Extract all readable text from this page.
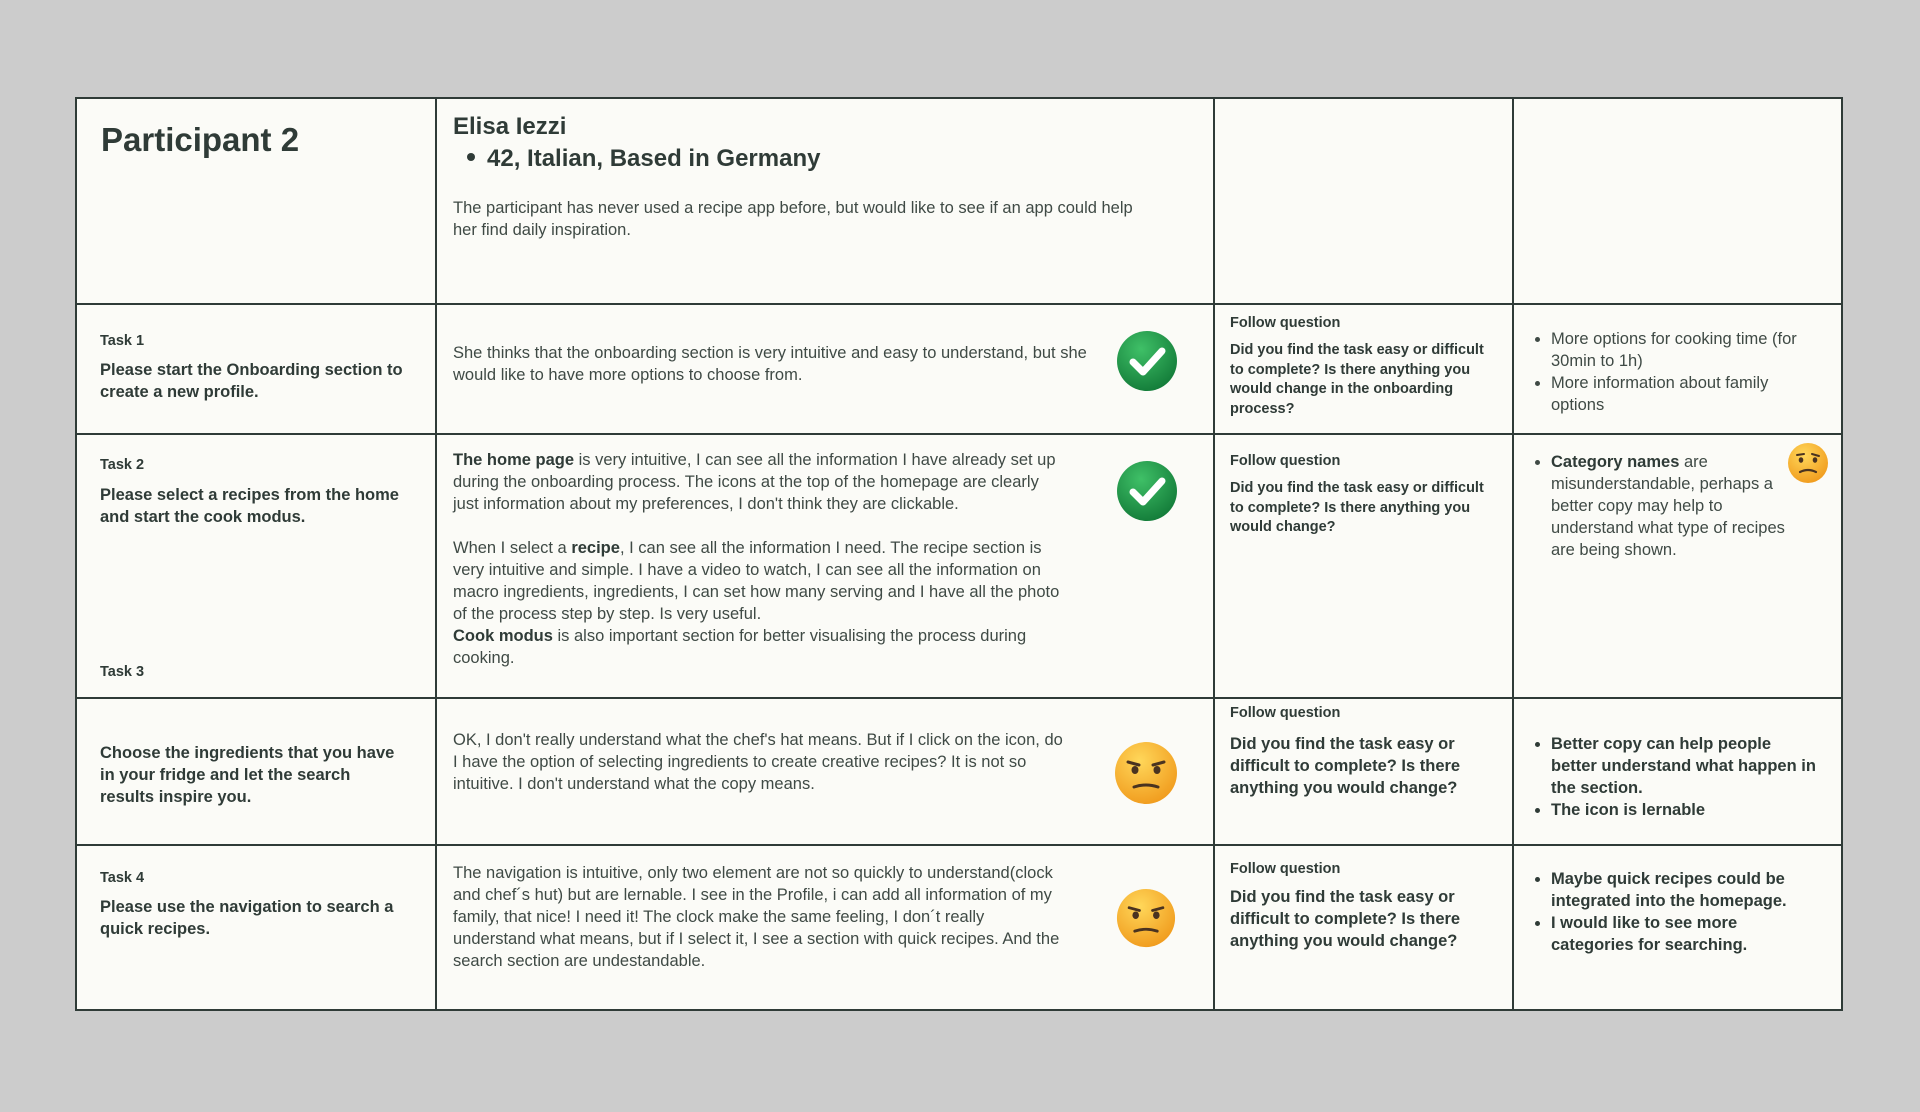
Participant 2	Elisa Iezzi
42, Italian, Based in Germany
The participant has never used a recipe app before, but would like to see if an app could help her find daily inspiration.
Task 1
Please start the Onboarding section to create a new profile.
She thinks that the onboarding section is very intuitive and easy to understand, but she would like to have more options to choose from.
Follow question
Did you find the task easy or difficult to complete? Is there anything you would change in the onboarding process?
• More options for cooking time (for 30min to 1h)
• More information about family options
Task 2
Please select a recipes from the home and start the cook modus.

The home page is very intuitive, I can see all the information I have already set up during the onboarding process. The icons at the top of the homepage are clearly just information about my preferences, I don't think they are clickable.

When I select a recipe, I can see all the information I need. The recipe section is very intuitive and simple. I have a video to watch, I can see all the information on macro ingredients, ingredients, I can set how many serving and I have all the photo of the process step by step. Is very useful.

Cook modus is also important section for better visualising the process during cooking.

Follow question
Did you find the task easy or difficult to complete? Is there anything you would change?
• Category names are misunderstandable, perhaps a better copy may help to understand what type of recipes are being shown.
Task 3
Choose the ingredients that you have in your fridge and let the search results inspire you.
OK, I don't really understand what the chef's hat means. But if I click on the icon, do I have the option of selecting ingredients to create creative recipes? It is not so intuitive. I don't understand what the copy means.
Follow question
Did you find the task easy or difficult to complete? Is there anything you would change?
• Better copy can help people better understand what happen in the section.
• The icon is lernable
Task 4
Please use the navigation to search a quick recipes.
The navigation is intuitive, only two element are not so quickly to understand(clock and chef´s hut) but are lernable. I see in the Profile, i can add all information of my family, that nice! I need it! The clock make the same feeling, I don´t really understand what means, but if I select it, I see a section with quick recipes. And the search section are undestandable.
Follow question
Did you find the task easy or difficult to complete? Is there anything you would change?
• Maybe quick recipes could be integrated into the homepage.
• I would like to see more categories for searching.
